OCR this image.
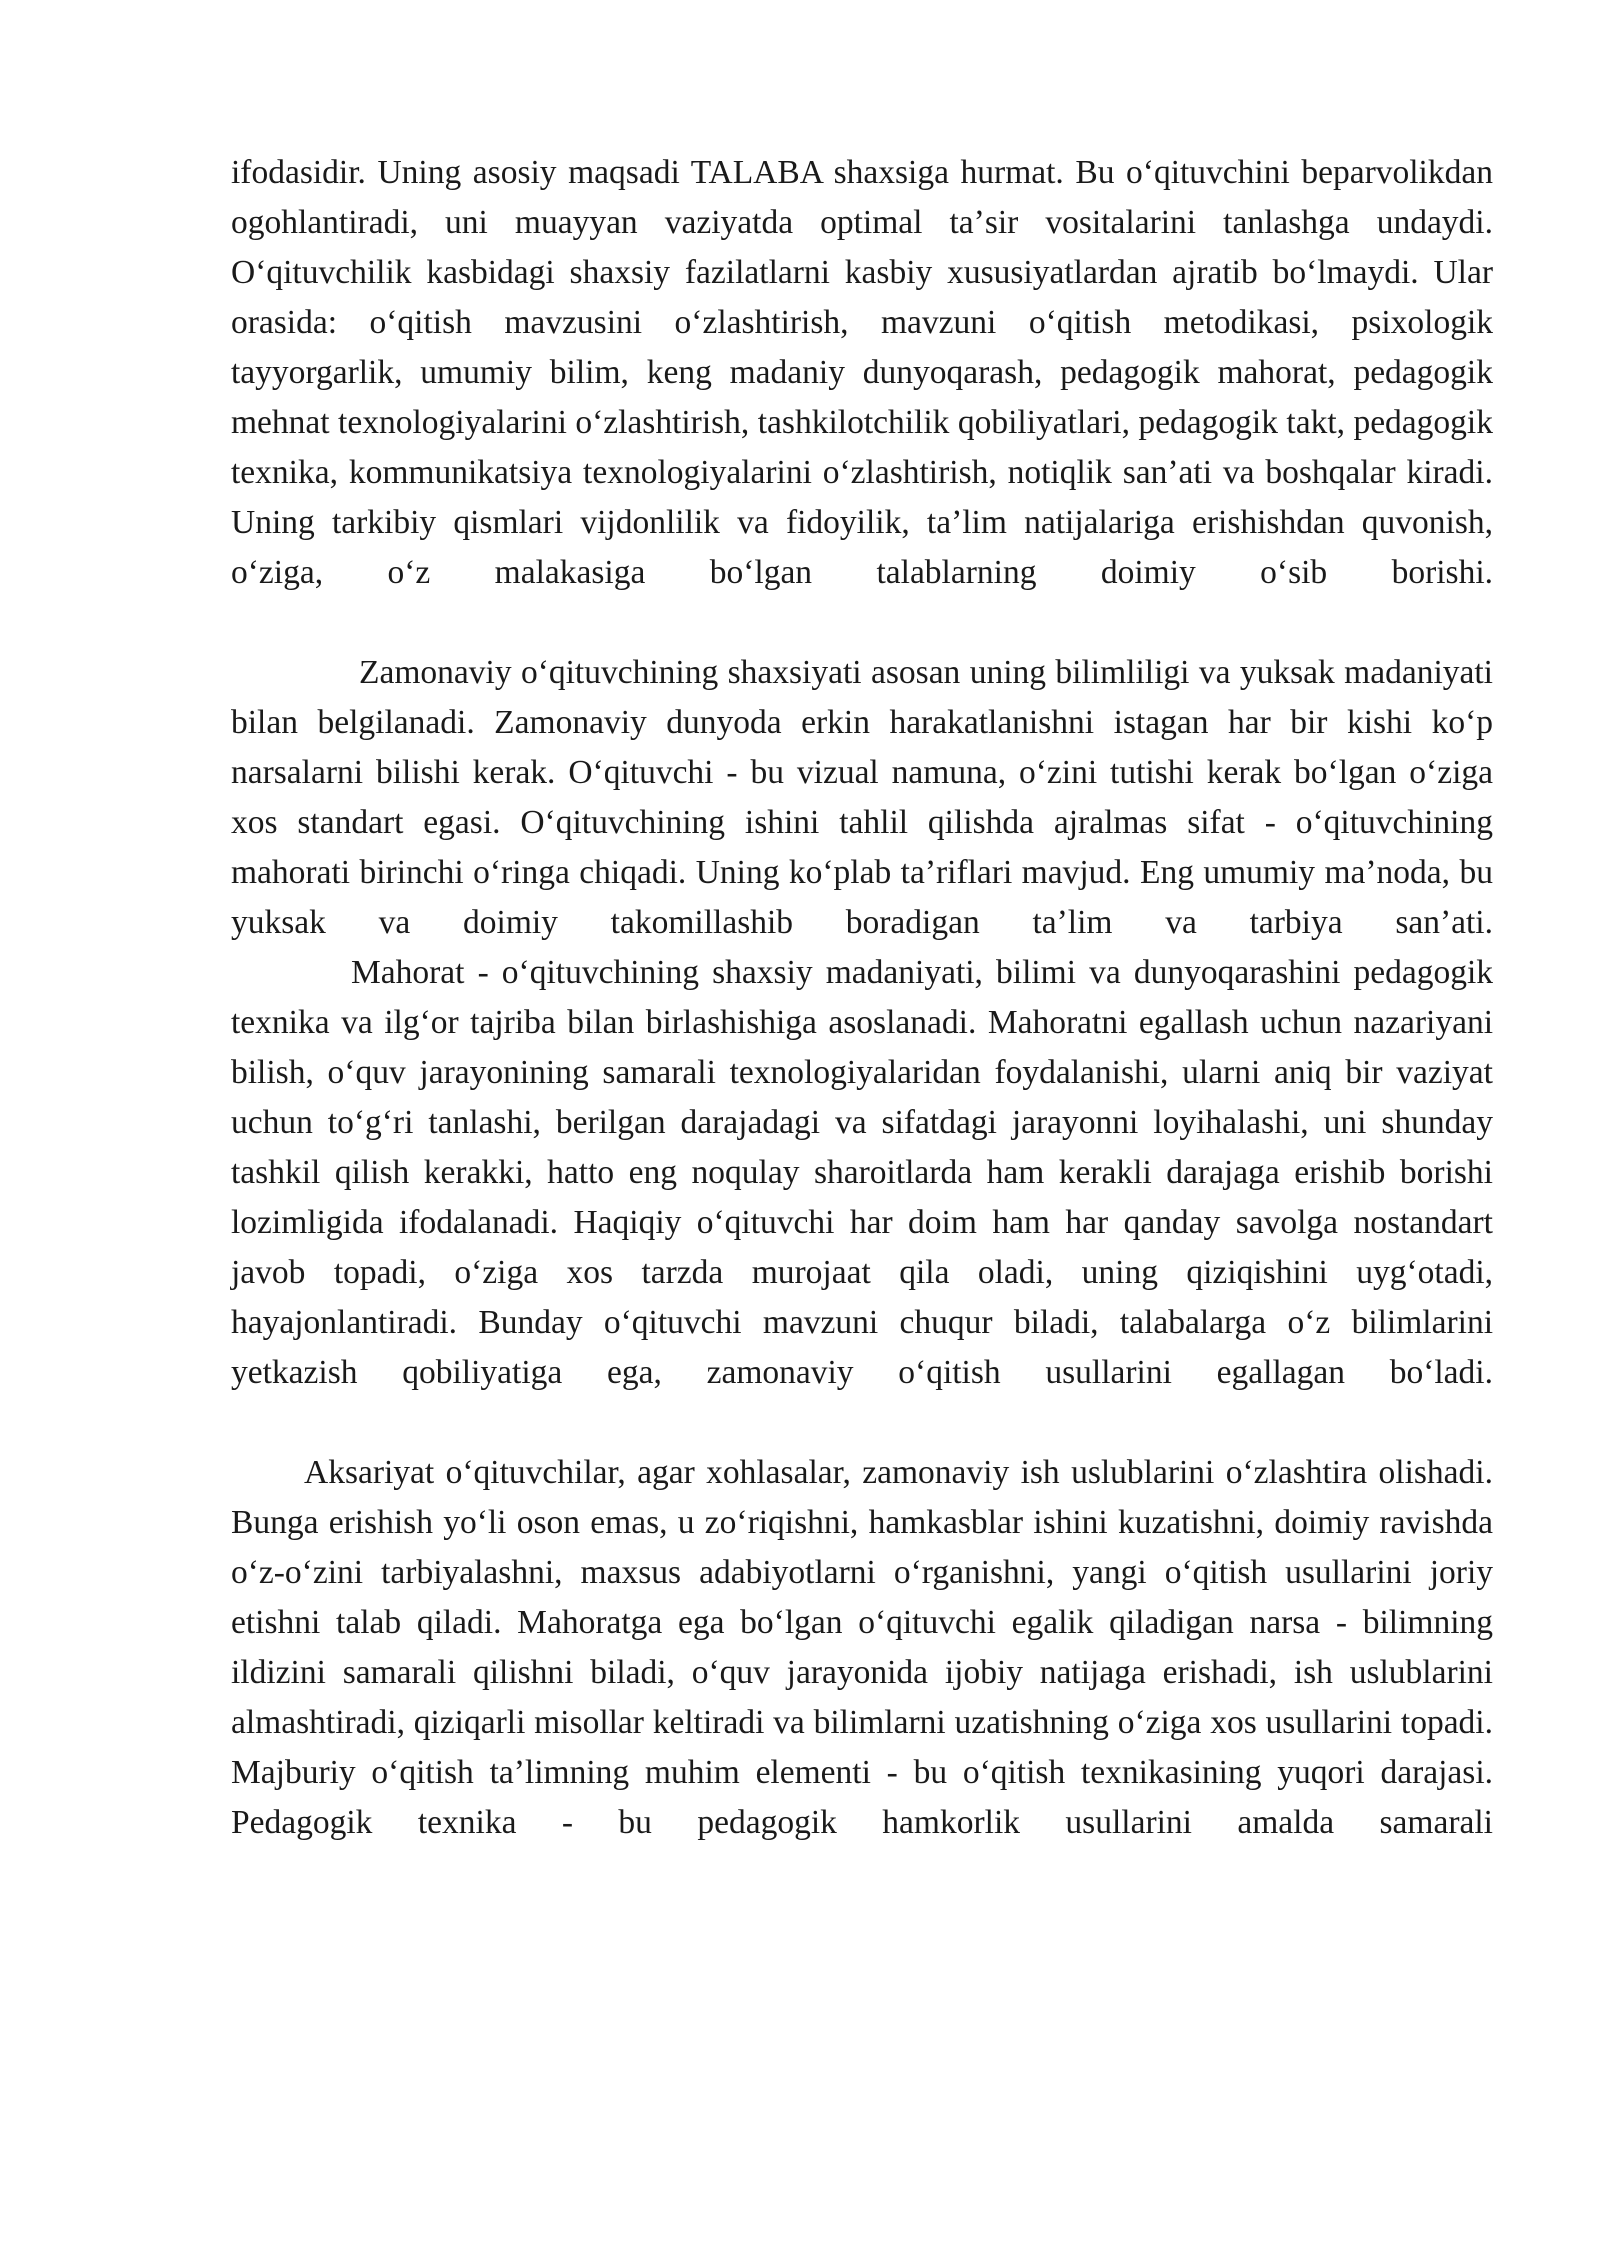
ifodasidir. Uning asosiy maqsadi TALABA shaxsiga hurmat. Bu oʻqituvchini beparvolikdan ogohlantiradi, uni muayyan vaziyatda optimal taʼsir vositalarini tanlashga undaydi. Oʻqituvchilik kasbidagi shaxsiy fazilatlarni kasbiy xususiyatlardan ajratib boʻlmaydi. Ular orasida: oʻqitish mavzusini oʻzlashtirish, mavzuni oʻqitish metodikasi, psixologik tayyorgarlik, umumiy bilim, keng madaniy dunyoqarash, pedagogik mahorat, pedagogik mehnat texnologiyalarini oʻzlashtirish, tashkilotchilik qobiliyatlari, pedagogik takt, pedagogik texnika, kommunikatsiya texnologiyalarini oʻzlashtirish, notiqlik sanʼati va boshqalar kiradi. Uning tarkibiy qismlari vijdonlilik va fidoyilik, taʼlim natijalariga erishishdan quvonish, oʻziga, oʻz malakasiga boʻlgan talablarning doimiy oʻsib borishi.

Zamonaviy oʻqituvchining shaxsiyati asosan uning bilimliligi va yuksak madaniyati bilan belgilanadi. Zamonaviy dunyoda erkin harakatlanishni istagan har bir kishi koʻp narsalarni bilishi kerak. Oʻqituvchi - bu vizual namuna, oʻzini tutishi kerak boʻlgan oʻziga xos standart egasi. Oʻqituvchining ishini tahlil qilishda ajralmas sifat - oʻqituvchining mahorati birinchi oʻringa chiqadi. Uning koʻplab taʼriflari mavjud. Eng umumiy maʼnoda, bu yuksak va doimiy takomillashib boradigan taʼlim va tarbiya sanʼati.

Mahorat - oʻqituvchining shaxsiy madaniyati, bilimi va dunyoqarashini pedagogik texnika va ilgʻor tajriba bilan birlashishiga asoslanadi. Mahoratni egallash uchun nazariyani bilish, oʻquv jarayonining samarali texnologiyalaridan foydalanishi, ularni aniq bir vaziyat uchun toʻgʻri tanlashi, berilgan darajadagi va sifatdagi jarayonni loyihalashi, uni shunday tashkil qilish kerakki, hatto eng noqulay sharoitlarda ham kerakli darajaga erishib borishi lozimligida ifodalanadi. Haqiqiy oʻqituvchi har doim ham har qanday savolga nostandart javob topadi, oʻziga xos tarzda murojaat qila oladi, uning qiziqishini uygʻotadi, hayajonlantiradi. Bunday oʻqituvchi mavzuni chuqur biladi, talabalarga oʻz bilimlarini yetkazish qobiliyatiga ega, zamonaviy oʻqitish usullarini egallagan boʻladi.

Aksariyat oʻqituvchilar, agar xohlasalar, zamonaviy ish uslublarini oʻzlashtira olishadi. Bunga erishish yoʻli oson emas, u zoʻriqishni, hamkasblar ishini kuzatishni, doimiy ravishda oʻz-oʻzini tarbiyalashni, maxsus adabiyotlarni oʻrganishni, yangi oʻqitish usullarini joriy etishni talab qiladi. Mahoratga ega boʻlgan oʻqituvchi egalik qiladigan narsa - bilimning ildizini samarali qilishni biladi, oʻquv jarayonida ijobiy natijaga erishadi, ish uslublarini almashtiradi, qiziqarli misollar keltiradi va bilimlarni uzatishning oʻziga xos usullarini topadi. Majburiy oʻqitish taʼlimning muhim elementi - bu oʻqitish texnikasining yuqori darajasi. Pedagogik texnika - bu pedagogik hamkorlik usullarini amalda samarali
